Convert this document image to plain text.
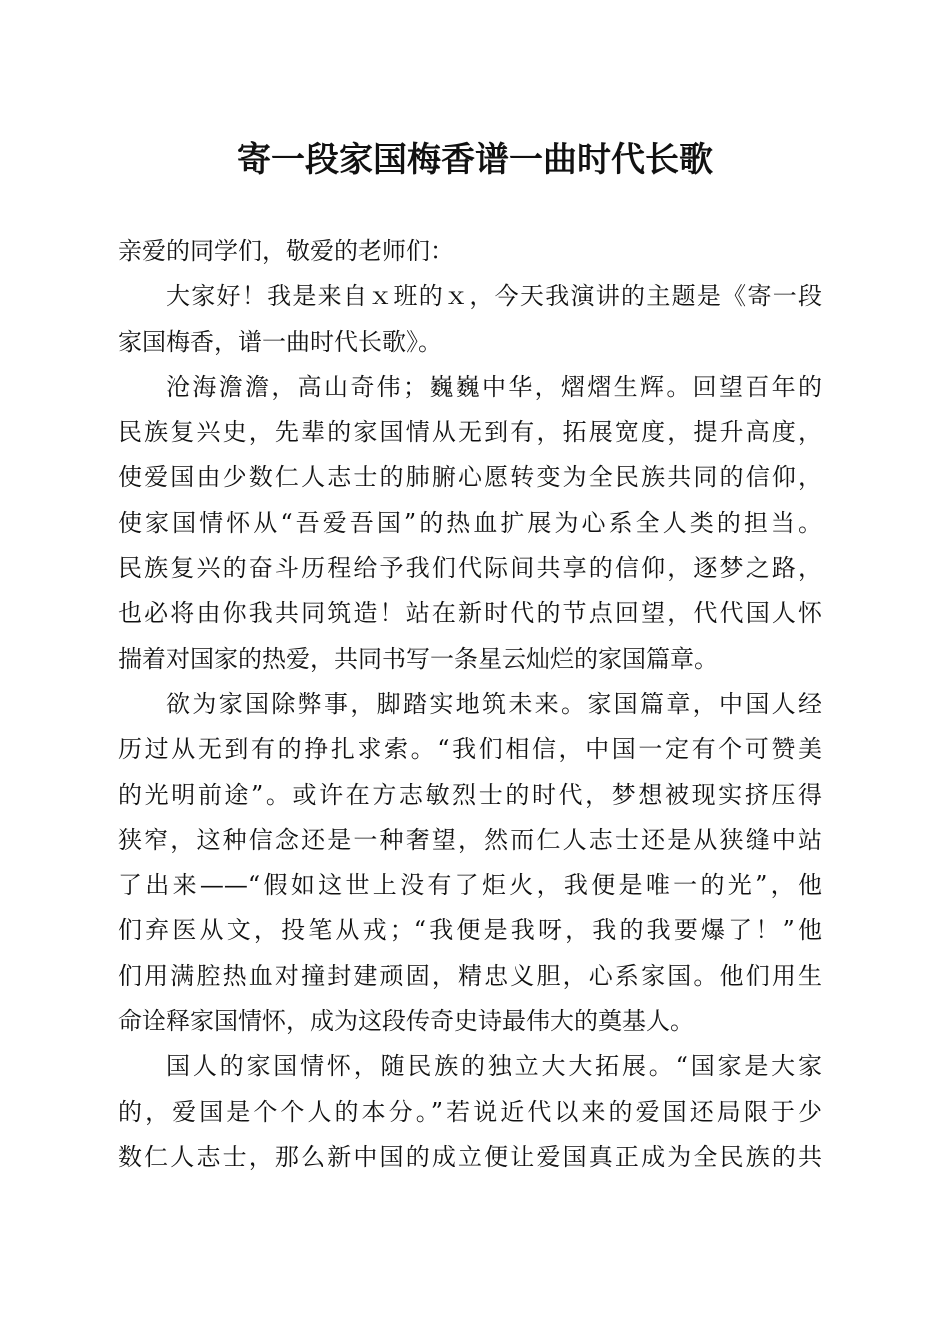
寄一段家国梅香谱一曲时代长歌
亲爱的同学们，敬爱的老师们：
大家好！我是来自ｘ班的ｘ，今天我演讲的主题是《寄一段
家国梅香，谱一曲时代长歌》。
沧海澹澹，高山奇伟；巍巍中华，熠熠生辉。回望百年的
民族复兴史，先辈的家国情从无到有，拓展宽度，提升高度，
使爱国由少数仁人志士的肺腑心愿转变为全民族共同的信仰，
使家国情怀从“吾爱吾国”的热血扩展为心系全人类的担当。
民族复兴的奋斗历程给予我们代际间共享的信仰，逐梦之路，
也必将由你我共同筑造！站在新时代的节点回望，代代国人怀
揣着对国家的热爱，共同书写一条星云灿烂的家国篇章。
欲为家国除弊事，脚踏实地筑未来。家国篇章，中国人经
历过从无到有的挣扎求索。“我们相信，中国一定有个可赞美
的光明前途”。或许在方志敏烈士的时代，梦想被现实挤压得
狭窄，这种信念还是一种奢望，然而仁人志士还是从狭缝中站
了出来——“假如这世上没有了炬火，我便是唯一的光”，他
们弃医从文，投笔从戎；“我便是我呀，我的我要爆了！”他
们用满腔热血对撞封建顽固，精忠义胆，心系家国。他们用生
命诠释家国情怀，成为这段传奇史诗最伟大的奠基人。
国人的家国情怀，随民族的独立大大拓展。“国家是大家
的，爱国是个个人的本分。”若说近代以来的爱国还局限于少
数仁人志士，那么新中国的成立便让爱国真正成为全民族的共
